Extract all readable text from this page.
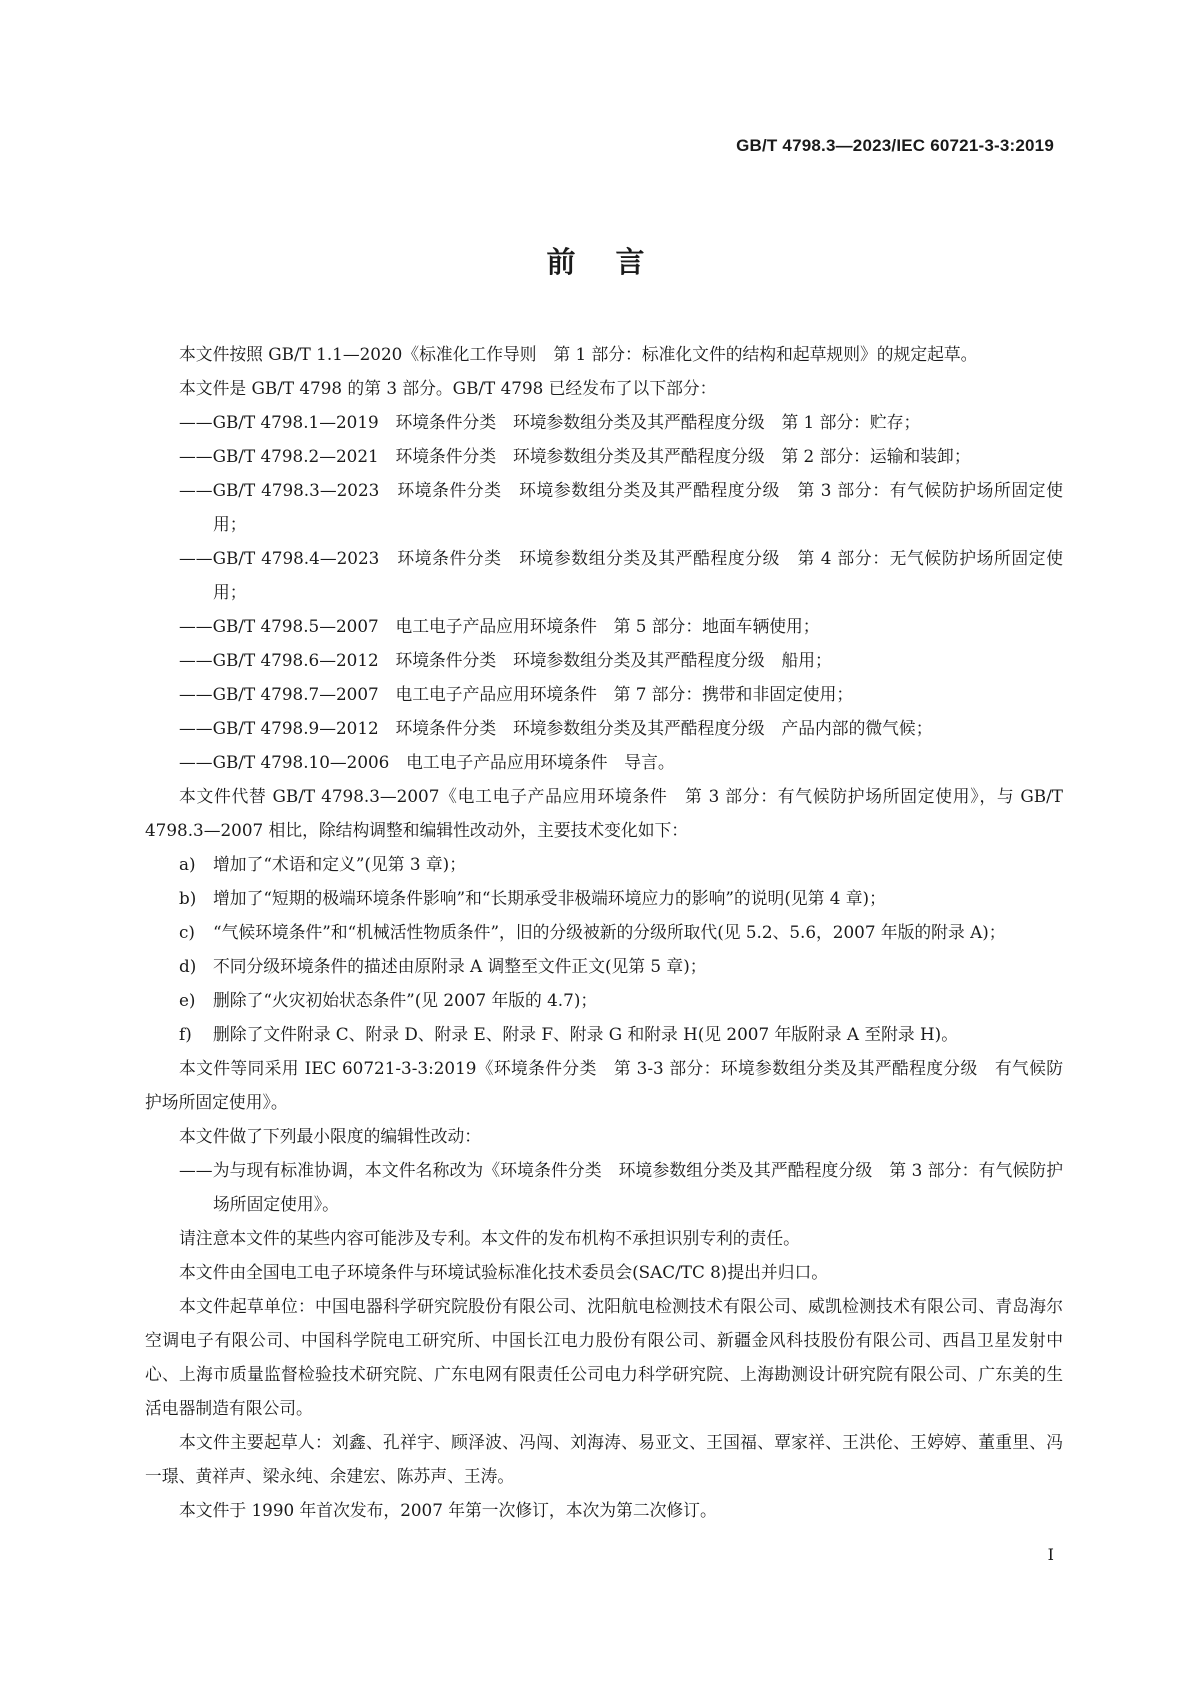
GB/T 4798.3—2023/IEC 60721-3-3:2019
前言

本文件按照 GB/T 1.1—2020《标准化工作导则　第 1 部分：标准化文件的结构和起草规则》的规定起草。

本文件是 GB/T 4798 的第 3 部分。GB/T 4798 已经发布了以下部分：

——GB/T 4798.1—2019　环境条件分类　环境参数组分类及其严酷程度分级　第 1 部分：贮存；

——GB/T 4798.2—2021　环境条件分类　环境参数组分类及其严酷程度分级　第 2 部分：运输和装卸；

——GB/T 4798.3—2023　环境条件分类　环境参数组分类及其严酷程度分级　第 3 部分：有气候防护场所固定使用；

——GB/T 4798.4—2023　环境条件分类　环境参数组分类及其严酷程度分级　第 4 部分：无气候防护场所固定使用；

——GB/T 4798.5—2007　电工电子产品应用环境条件　第 5 部分：地面车辆使用；

——GB/T 4798.6—2012　环境条件分类　环境参数组分类及其严酷程度分级　船用；

——GB/T 4798.7—2007　电工电子产品应用环境条件　第 7 部分：携带和非固定使用；

——GB/T 4798.9—2012　环境条件分类　环境参数组分类及其严酷程度分级　产品内部的微气候；

——GB/T 4798.10—2006　电工电子产品应用环境条件　导言。

本文件代替 GB/T 4798.3—2007《电工电子产品应用环境条件　第 3 部分：有气候防护场所固定使用》，与 GB/T 4798.3—2007 相比，除结构调整和编辑性改动外，主要技术变化如下：

a) 增加了“术语和定义”(见第 3 章)；

b) 增加了“短期的极端环境条件影响”和“长期承受非极端环境应力的影响”的说明(见第 4 章)；

c) “气候环境条件”和“机械活性物质条件”，旧的分级被新的分级所取代(见 5.2、5.6，2007 年版的附录 A)；

d) 不同分级环境条件的描述由原附录 A 调整至文件正文(见第 5 章)；

e) 删除了“火灾初始状态条件”(见 2007 年版的 4.7)；

f) 删除了文件附录 C、附录 D、附录 E、附录 F、附录 G 和附录 H(见 2007 年版附录 A 至附录 H)。

本文件等同采用 IEC 60721-3-3:2019《环境条件分类　第 3-3 部分：环境参数组分类及其严酷程度分级　有气候防护场所固定使用》。

本文件做了下列最小限度的编辑性改动：

——为与现有标准协调，本文件名称改为《环境条件分类　环境参数组分类及其严酷程度分级　第 3 部分：有气候防护场所固定使用》。

请注意本文件的某些内容可能涉及专利。本文件的发布机构不承担识别专利的责任。

本文件由全国电工电子环境条件与环境试验标准化技术委员会(SAC/TC 8)提出并归口。

本文件起草单位：中国电器科学研究院股份有限公司、沈阳航电检测技术有限公司、威凯检测技术有限公司、青岛海尔空调电子有限公司、中国科学院电工研究所、中国长江电力股份有限公司、新疆金风科技股份有限公司、西昌卫星发射中心、上海市质量监督检验技术研究院、广东电网有限责任公司电力科学研究院、上海勘测设计研究院有限公司、广东美的生活电器制造有限公司。

本文件主要起草人：刘鑫、孔祥宇、顾泽波、冯闯、刘海涛、易亚文、王国福、覃家祥、王洪伦、王婷婷、董重里、冯一璟、黄祥声、梁永纯、余建宏、陈苏声、王涛。

本文件于 1990 年首次发布，2007 年第一次修订，本次为第二次修订。

I
